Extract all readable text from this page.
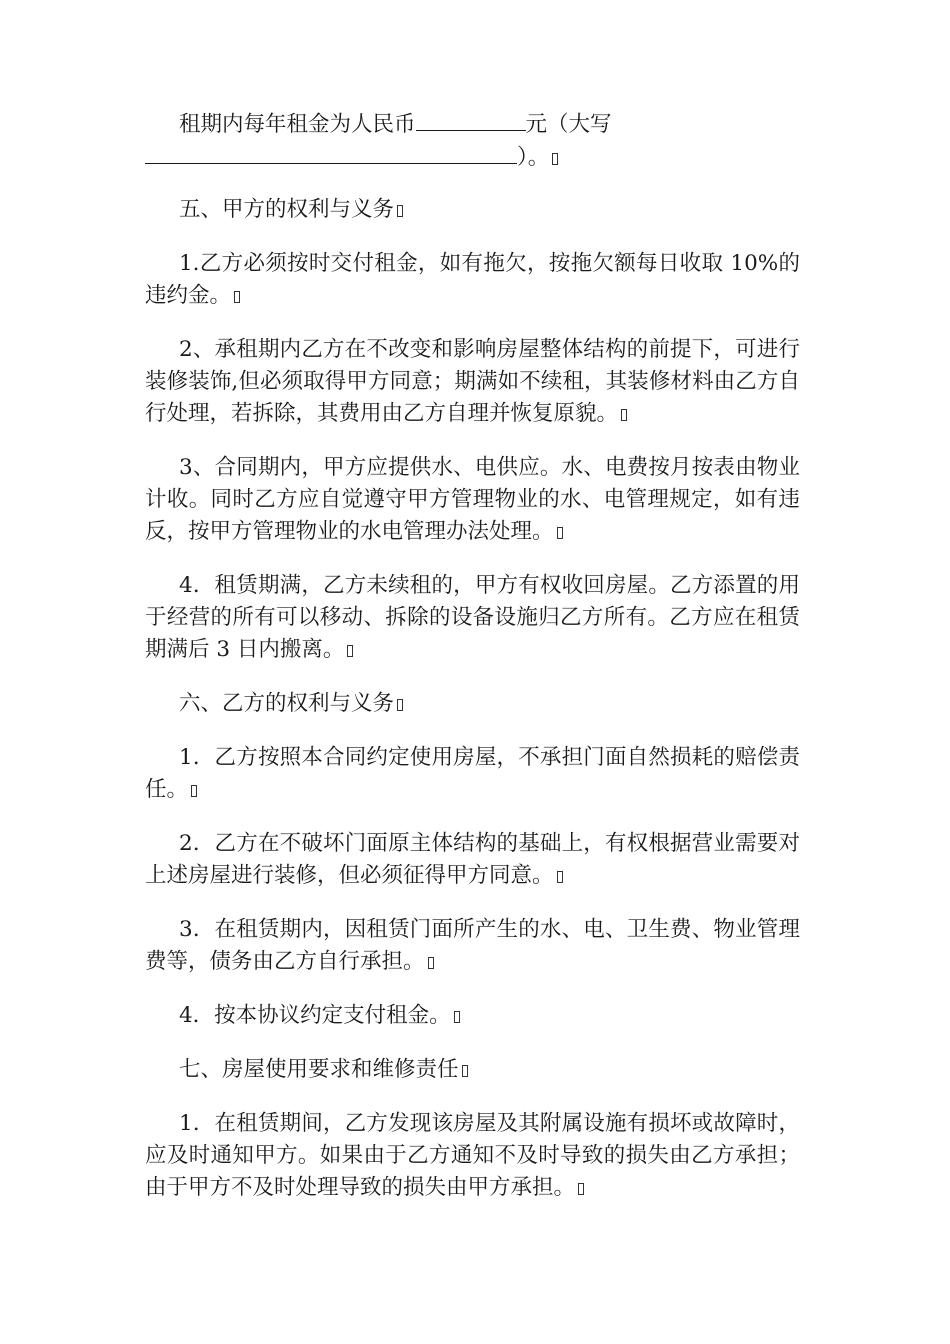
租期内每年租金为人民币	元（大写
）。

五、甲方的权利与义务

1.乙方必须按时交付租金，如有拖欠，按拖欠额每日收取 10%的违约金。

2、承租期内乙方在不改变和影响房屋整体结构的前提下，可进行装修装饰,但必须取得甲方同意；期满如不续租，其装修材料由乙方自行处理，若拆除，其费用由乙方自理并恢复原貌。

3、合同期内，甲方应提供水、电供应。水、电费按月按表由物业计收。同时乙方应自觉遵守甲方管理物业的水、电管理规定，如有违反，按甲方管理物业的水电管理办法处理。

4．租赁期满，乙方未续租的，甲方有权收回房屋。乙方添置的用于经营的所有可以移动、拆除的设备设施归乙方所有。乙方应在租赁期满后 3 日内搬离。

六、乙方的权利与义务

1．乙方按照本合同约定使用房屋，不承担门面自然损耗的赔偿责任。

2．乙方在不破坏门面原主体结构的基础上，有权根据营业需要对上述房屋进行装修，但必须征得甲方同意。

3．在租赁期内，因租赁门面所产生的水、电、卫生费、物业管理费等，债务由乙方自行承担。

4．按本协议约定支付租金。

七、房屋使用要求和维修责任

1．在租赁期间，乙方发现该房屋及其附属设施有损坏或故障时，应及时通知甲方。如果由于乙方通知不及时导致的损失由乙方承担；由于甲方不及时处理导致的损失由甲方承担。
